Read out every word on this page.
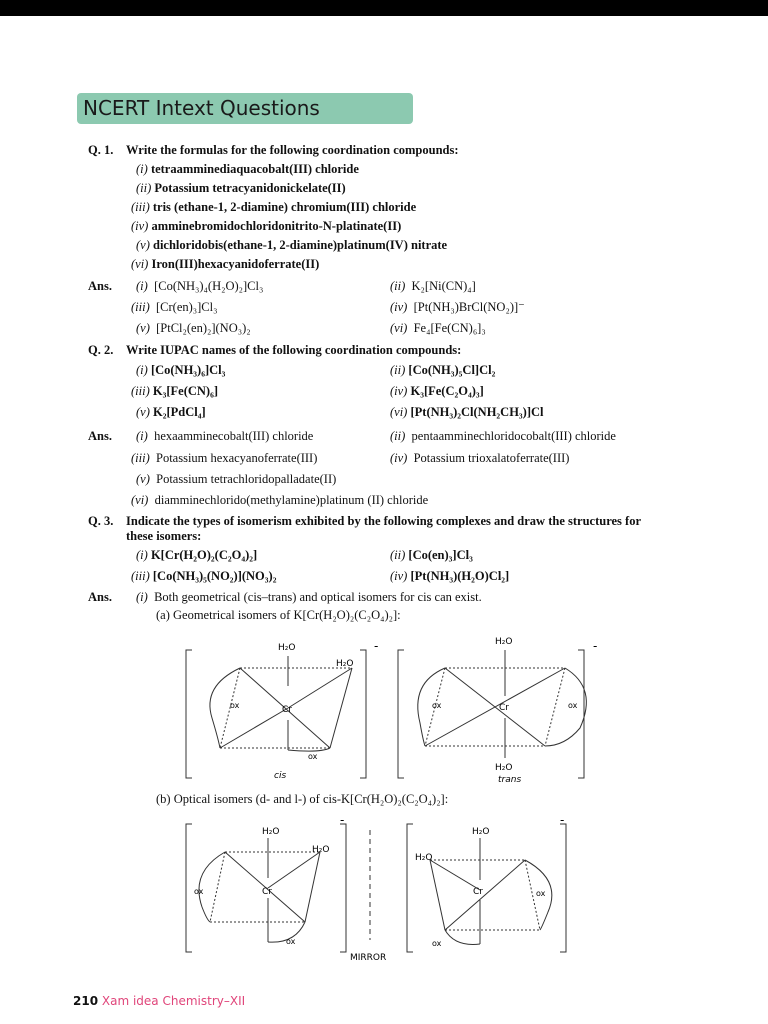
NCERT Intext Questions
Q. 1. Write the formulas for the following coordination compounds:
(i) tetraamminediaquacobalt(III) chloride
(ii) Potassium tetracyanidonickelate(II)
(iii) tris (ethane-1, 2-diamine) chromium(III) chloride
(iv) amminebromidochloridonitrito-N-platinate(II)
(v) dichloridobis(ethane-1, 2-diamine)platinum(IV) nitrate
(vi) Iron(III)hexacyanidoferrate(II)
Ans. (i) [Co(NH₃)₄(H₂O)₂]Cl₃	(ii) K₂[Ni(CN)₄]
(iii) [Cr(en)₃]Cl₃	(iv) [Pt(NH₃)BrCl(NO₂)]⁻
(v) [PtCl₂(en)₂](NO₃)₂	(vi) Fe₄[Fe(CN)₆]₃
Q. 2. Write IUPAC names of the following coordination compounds:
(i) [Co(NH₃)₆]Cl₃	(ii) [Co(NH₃)₅Cl]Cl₂
(iii) K₃[Fe(CN)₆]	(iv) K₃[Fe(C₂O₄)₃]
(v) K₂[PdCl₄]	(vi) [Pt(NH₃)₂Cl(NH₂CH₃)]Cl
Ans. (i) hexaamminecobalt(III) chloride	(ii) pentaamminechloridocobalt(III) chloride
(iii) Potassium hexacyanoferrate(III)	(iv) Potassium trioxalatoferrate(III)
(v) Potassium tetrachloridopalladate(II)
(vi) diamminechlorido(methylamine)platinum (II) chloride
Q. 3. Indicate the types of isomerism exhibited by the following complexes and draw the structures for
these isomers:
(i) K[Cr(H₂O)₂(C₂O₄)₂]	(ii) [Co(en)₃]Cl₃
(iii) [Co(NH₃)₅(NO₂)](NO₃)₂	(iv) [Pt(NH₃)(H₂O)Cl₂]
Ans. (i) Both geometrical (cis–trans) and optical isomers for cis can exist.
(a) Geometrical isomers of K[Cr(H₂O)₂(C₂O₄)₂]:
H₂O
H₂O
Cr
ox
ox
-
cis
H₂O
Cr
ox	ox
H₂O
-
trans
(b) Optical isomers (d- and l-) of cis-K[Cr(H₂O)₂(C₂O₄)₂]:
H₂O
H₂O
Cr
ox
ox
-
MIRROR
H₂O
H₂O
Cr	ox
ox
-
210 Xam idea Chemistry–XII
